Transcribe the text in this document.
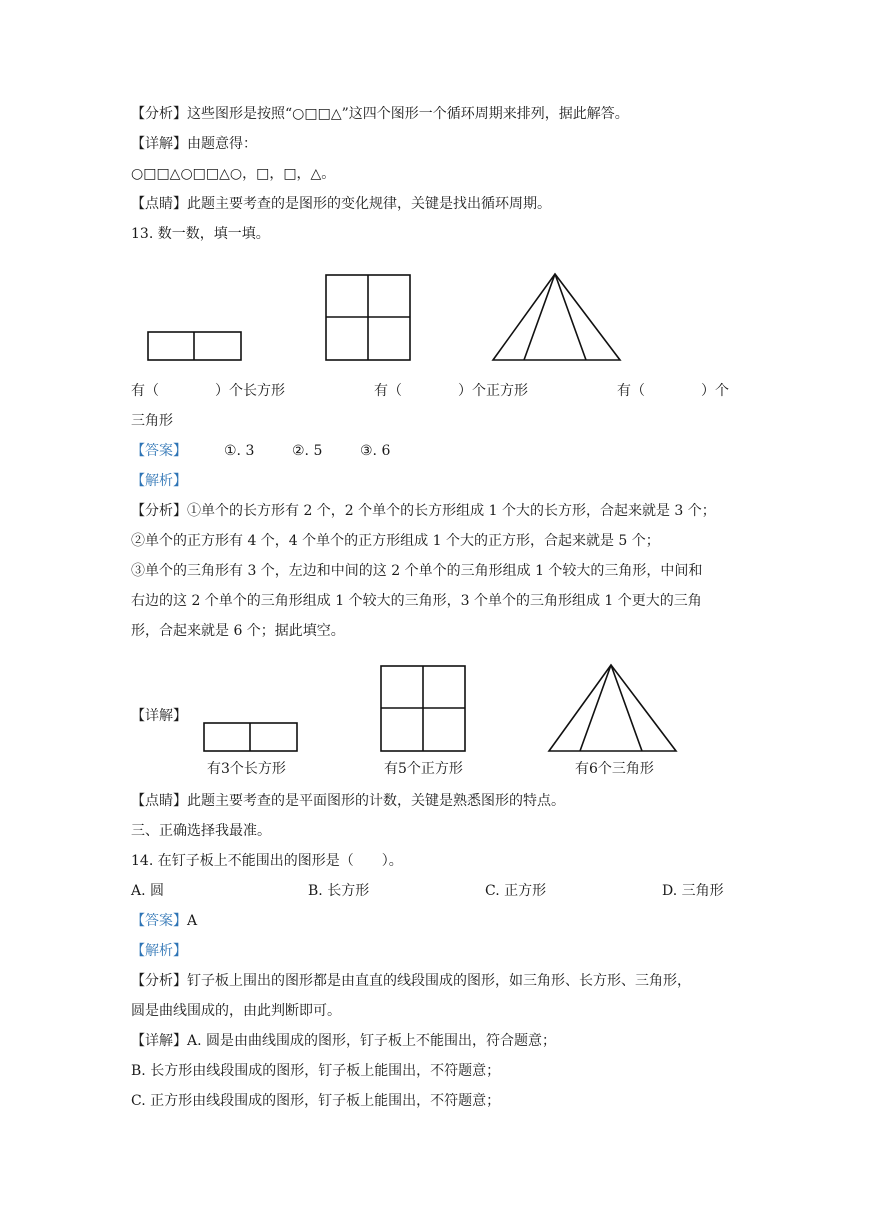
【分析】这些图形是按照“○□□△”这四个图形一个循环周期来排列，据此解答。
【详解】由题意得：
○□□△○□□△○，□，□，△。
【点睛】此题主要考查的是图形的变化规律，关键是找出循环周期。
13. 数一数，填一填。
有（　　　　）个长方形	有（　　　　）个正方形	有（　　　　）个
三角形
【答案】	①. 3	②. 5	③. 6
【解析】
【分析】①单个的长方形有 2 个，2 个单个的长方形组成 1 个大的长方形，合起来就是 3 个；
②单个的正方形有 4 个，4 个单个的正方形组成 1 个大的正方形，合起来就是 5 个；
③单个的三角形有 3 个，左边和中间的这 2 个单个的三角形组成 1 个较大的三角形，中间和
右边的这 2 个单个的三角形组成 1 个较大的三角形，3 个单个的三角形组成 1 个更大的三角
形，合起来就是 6 个；据此填空。
【详解】
有3个长方形	有5个正方形	有6个三角形
【点睛】此题主要考查的是平面图形的计数，关键是熟悉图形的特点。
三、正确选择我最准。
14. 在钉子板上不能围出的图形是（　　）。
A. 圆	B. 长方形	C. 正方形	D. 三角形
【答案】A
【解析】
【分析】钉子板上围出的图形都是由直直的线段围成的图形，如三角形、长方形、三角形，
圆是曲线围成的，由此判断即可。
【详解】A. 圆是由曲线围成的图形，钉子板上不能围出，符合题意；
B. 长方形由线段围成的图形，钉子板上能围出，不符题意；
C. 正方形由线段围成的图形，钉子板上能围出，不符题意；
